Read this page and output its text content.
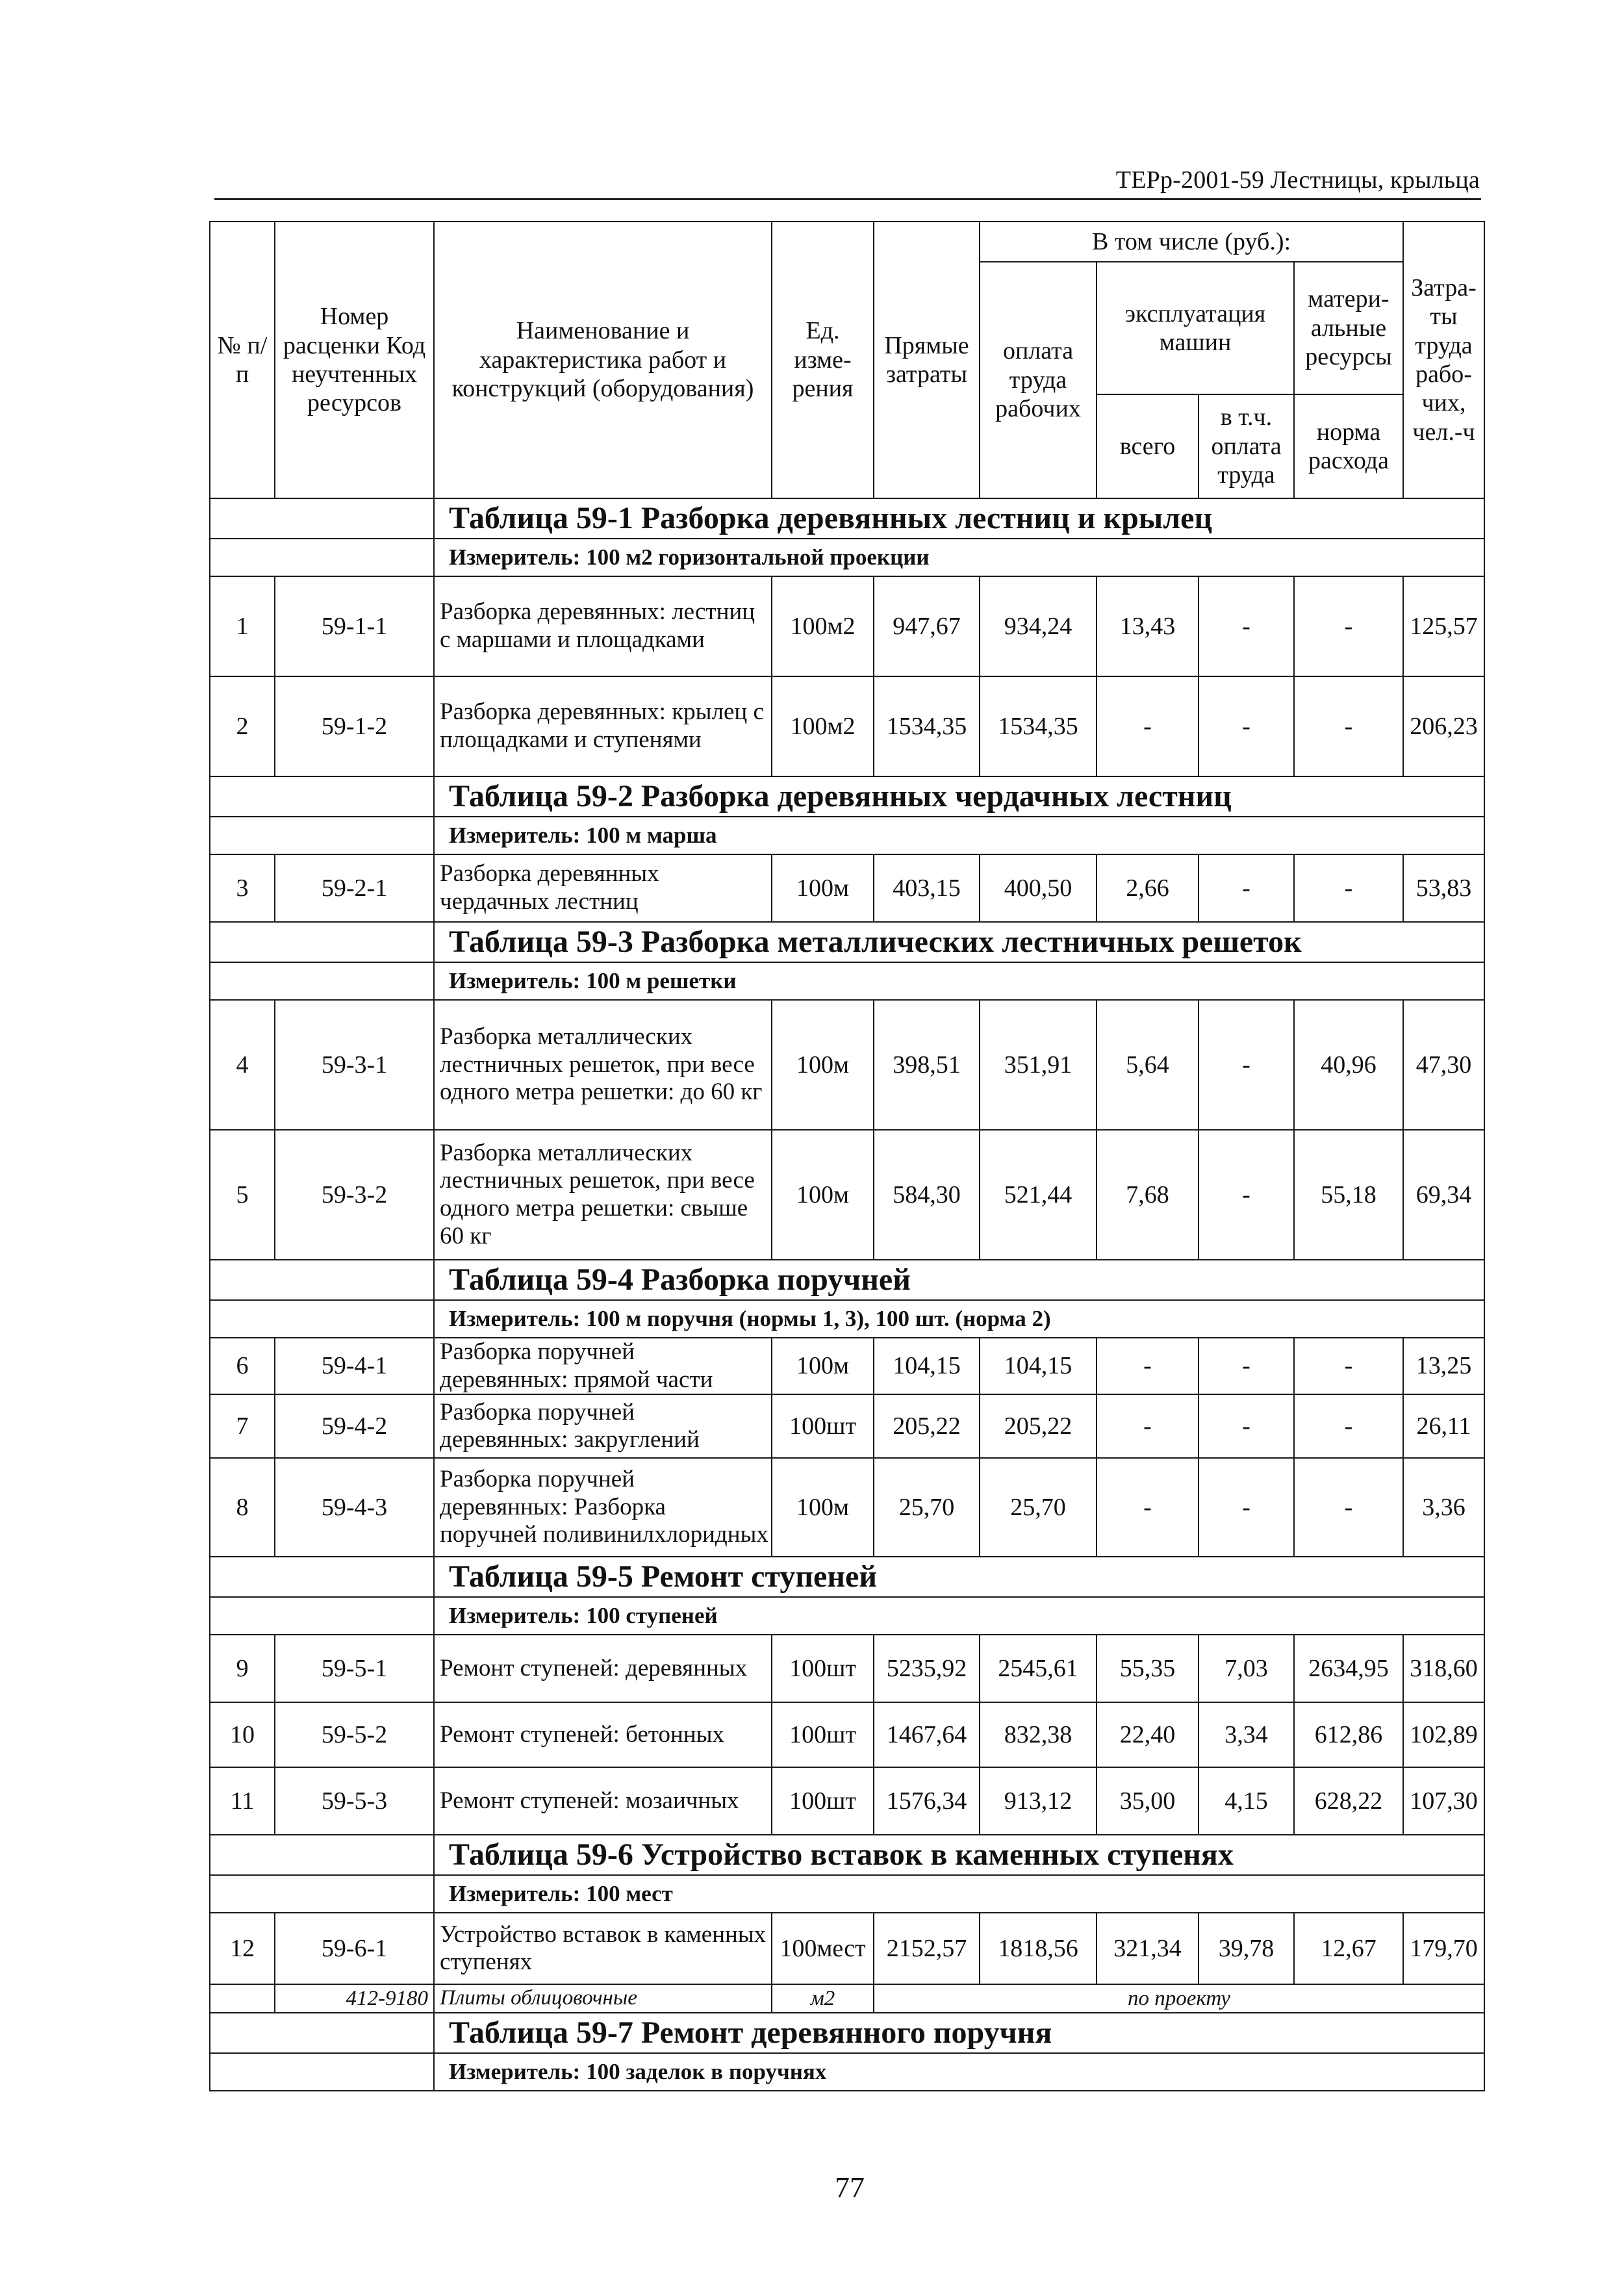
ТЕРр-2001-59 Лестницы, крыльца
№ п/п	Номер расценки Код неучтенных ресурсов	Наименование и характеристика работ и конструкций (оборудования)	Ед. изме-рения	Прямые затраты	В том числе (руб.):				Затра-ты труда рабо-чих, чел.-ч
					оплата труда рабочих	эксплуатация машин		матери-альные ресурсы	
						всего	в т.ч. оплата труда	норма расхода	
		Таблица 59-1 Разборка деревянных лестниц и крылец							
		Измеритель: 100 м2 горизонтальной проекции							
1	59-1-1	Разборка деревянных: лестниц с маршами и площадками	100м2	947,67	934,24	13,43	-	-	125,57
2	59-1-2	Разборка деревянных: крылец с площадками и ступенями	100м2	1534,35	1534,35	-	-	-	206,23
		Таблица 59-2 Разборка деревянных чердачных лестниц							
		Измеритель: 100 м марша							
3	59-2-1	Разборка деревянных чердачных лестниц	100м	403,15	400,50	2,66	-	-	53,83
		Таблица 59-3 Разборка металлических лестничных решеток							
		Измеритель: 100 м решетки							
4	59-3-1	Разборка металлических лестничных решеток, при весе одного метра решетки: до 60 кг	100м	398,51	351,91	5,64	-	40,96	47,30
5	59-3-2	Разборка металлических лестничных решеток, при весе одного метра решетки: свыше 60 кг	100м	584,30	521,44	7,68	-	55,18	69,34
		Таблица 59-4 Разборка поручней							
		Измеритель: 100 м поручня (нормы 1, 3), 100 шт. (норма 2)							
6	59-4-1	Разборка поручней деревянных: прямой части	100м	104,15	104,15	-	-	-	13,25
7	59-4-2	Разборка поручней деревянных: закруглений	100шт	205,22	205,22	-	-	-	26,11
8	59-4-3	Разборка поручней деревянных: Разборка поручней поливинилхлоридных	100м	25,70	25,70	-	-	-	3,36
		Таблица 59-5 Ремонт ступеней							
		Измеритель: 100 ступеней							
9	59-5-1	Ремонт ступеней: деревянных	100шт	5235,92	2545,61	55,35	7,03	2634,95	318,60
10	59-5-2	Ремонт ступеней: бетонных	100шт	1467,64	832,38	22,40	3,34	612,86	102,89
11	59-5-3	Ремонт ступеней: мозаичных	100шт	1576,34	913,12	35,00	4,15	628,22	107,30
		Таблица 59-6 Устройство вставок в каменных ступенях							
		Измеритель: 100 мест							
12	59-6-1	Устройство вставок в каменных ступенях	100мест	2152,57	1818,56	321,34	39,78	12,67	179,70
	412-9180	Плиты облицовочные	м2	по проекту					
		Таблица 59-7 Ремонт деревянного поручня							
		Измеритель: 100 заделок в поручнях							
77
